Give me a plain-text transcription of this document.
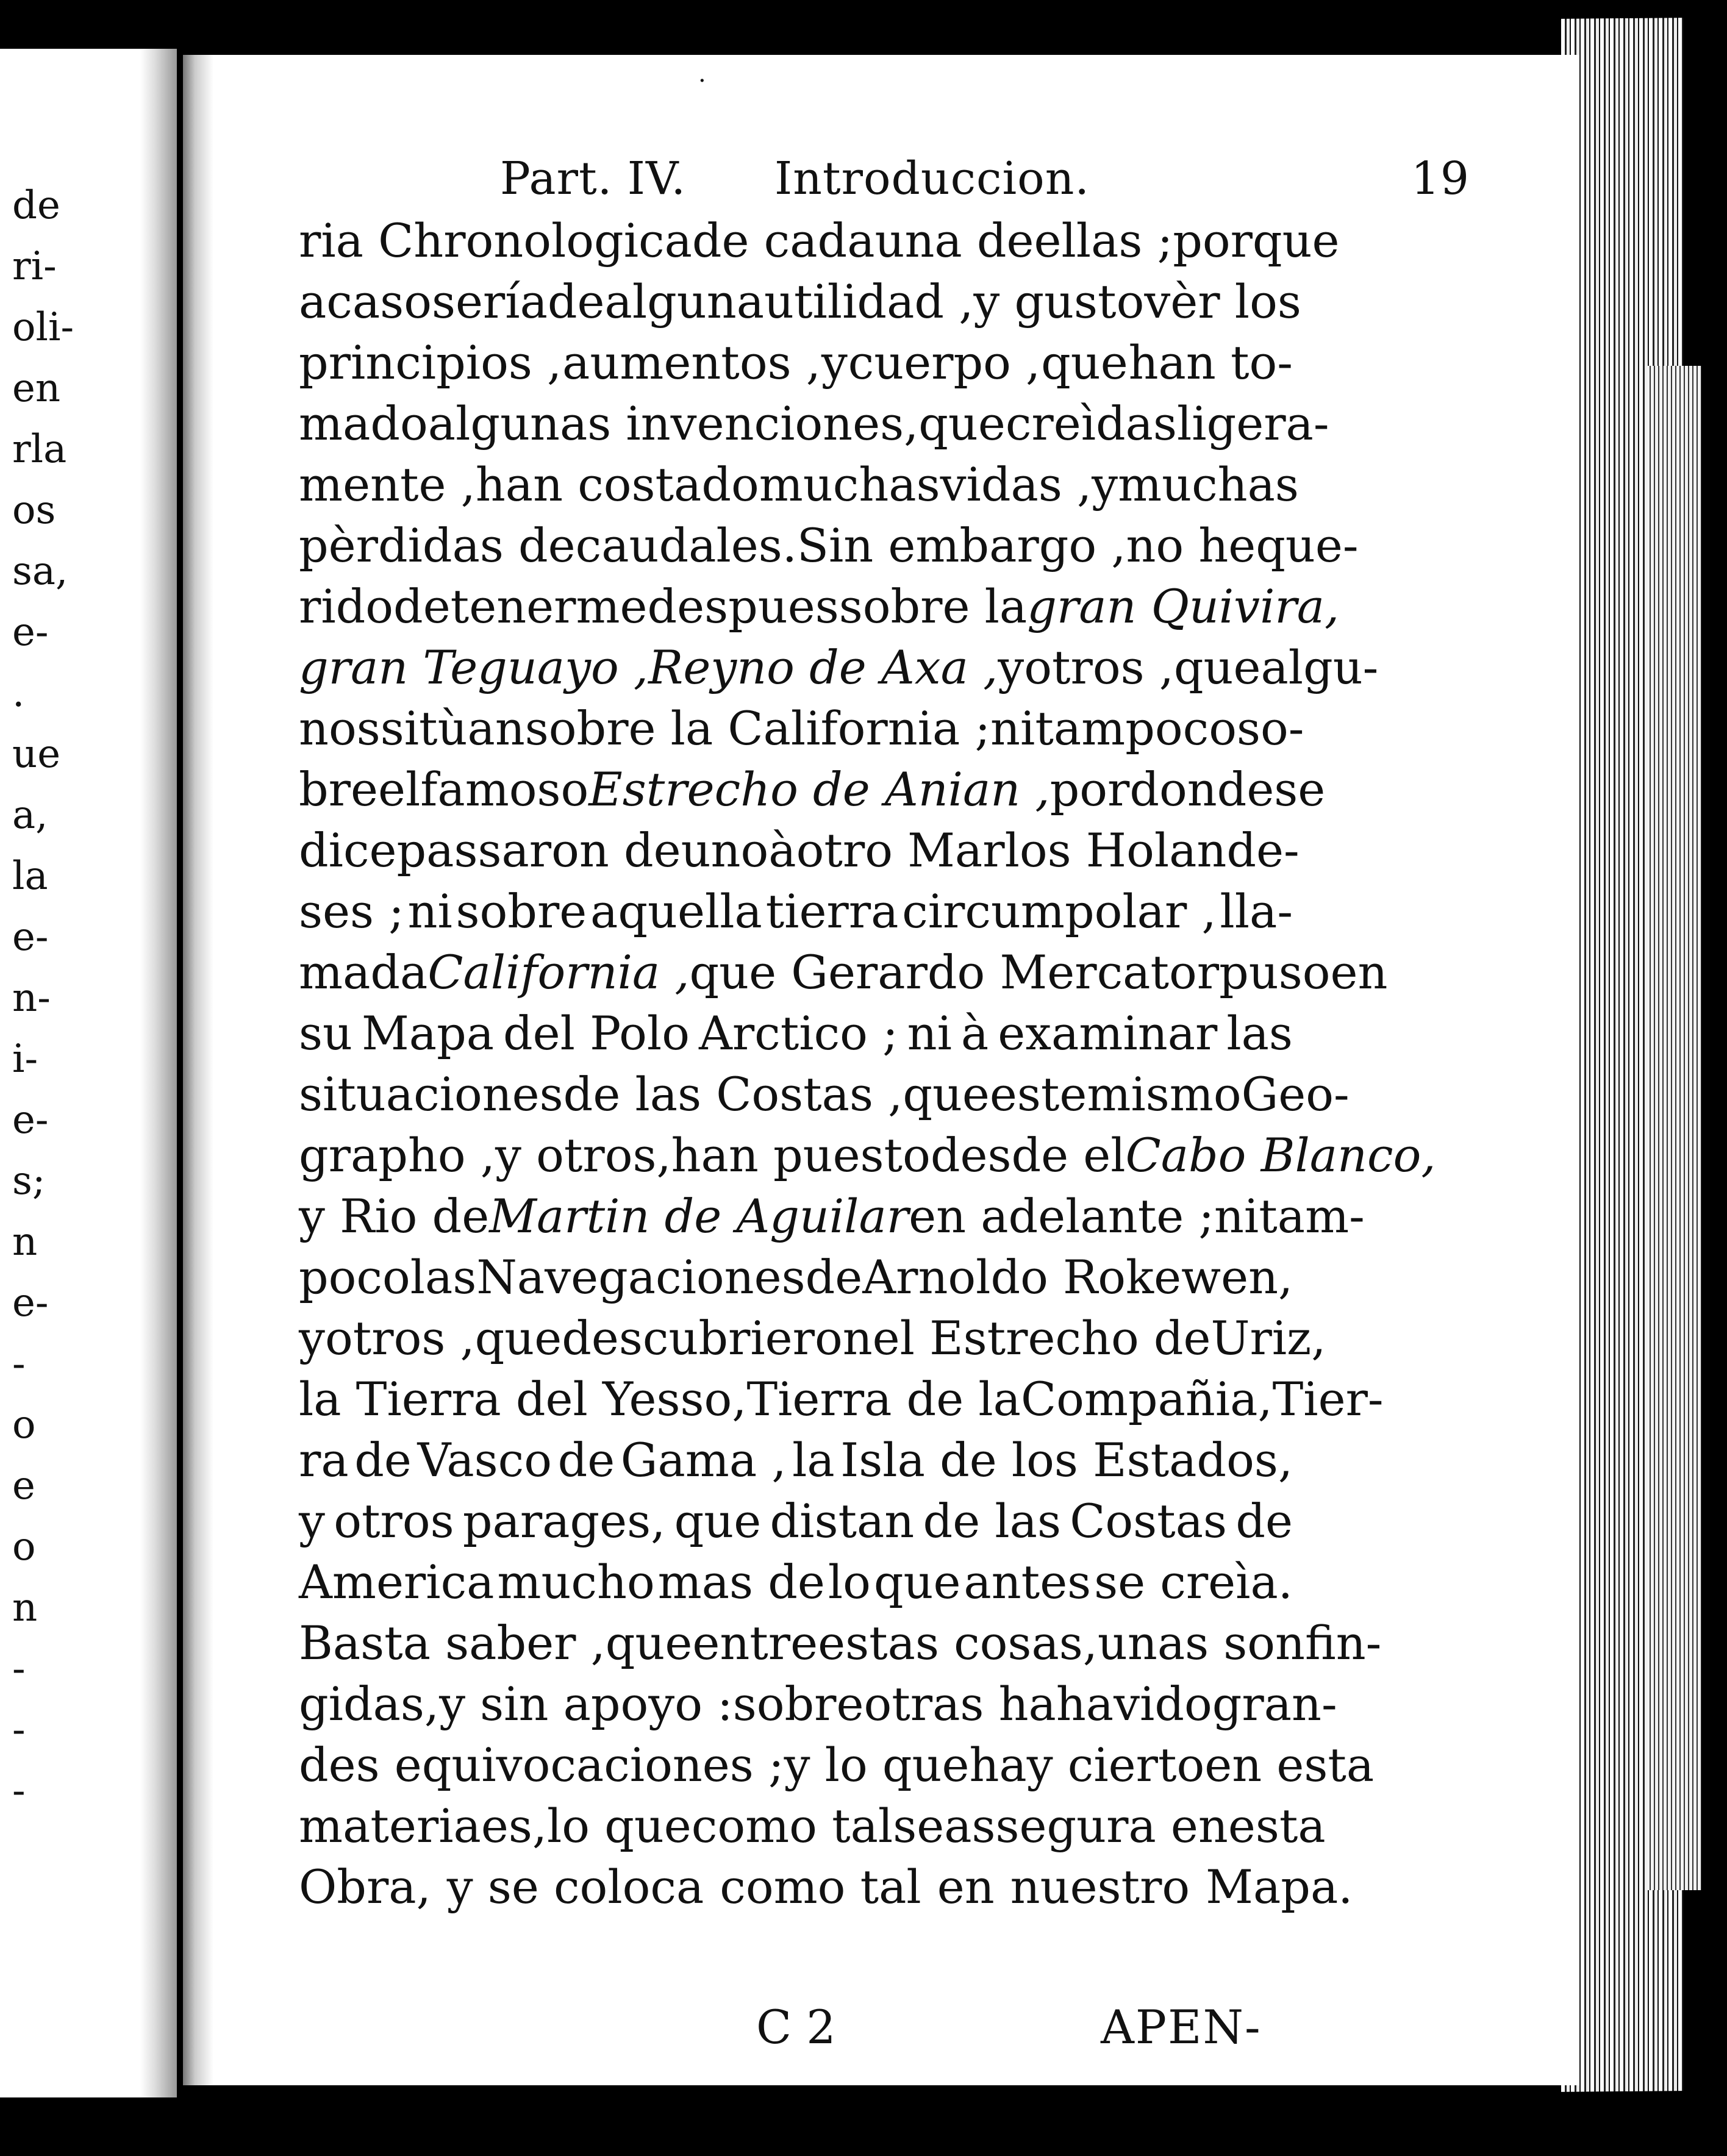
de
ri-
oli-
en
rla
os
sa,
e-
.
ue
a,
la
e-
n-
i-
e-
s;
n
e-
-
o
e
o
n
-
-
-
·
Part. IV. Introduccion.	19
ria Chronologica de cada una de ellas ; porque
acaso sería de alguna utilidad , y gusto vèr los
principios , aumentos , y cuerpo , que han to-
mado algunas invenciones, que creìdas ligera-
mente , han costado muchas vidas , y muchas
pèrdidas de caudales. Sin embargo , no he que-
rido detenerme despues sobre la gran Quivira,
gran Teguayo , Reyno de Axa , y otros , que algu-
nos sitùan sobre la California ; ni tampoco so-
bre el famoso Estrecho de Anian , por donde se
dice passaron de uno à otro Mar los Holande-
ses ; ni sobre aquella tierra circumpolar , lla-
mada California , que Gerardo Mercator puso en
su Mapa del Polo Arctico ; ni à examinar las
situaciones de las Costas , que este mismo Geo-
grapho , y otros, han puesto desde el Cabo Blanco,
y Rio de Martin de Aguilar en adelante ; ni tam-
poco las Navegaciones de Arnoldo Rokewen,
y otros , que descubrieron el Estrecho de Uriz,
la Tierra del Yesso, Tierra de la Compañia, Tier-
ra de Vasco de Gama , la Isla de los Estados,
y otros parages, que distan de las Costas de
America mucho mas de lo que antes se creìa.
Basta saber , que entre estas cosas, unas son fin-
gidas, y sin apoyo : sobre otras ha havido gran-
des equivocaciones ; y lo que hay cierto en esta
materia es, lo que como tal se assegura en esta
Obra, y se coloca como tal en nuestro Mapa.
C 2	APEN-
